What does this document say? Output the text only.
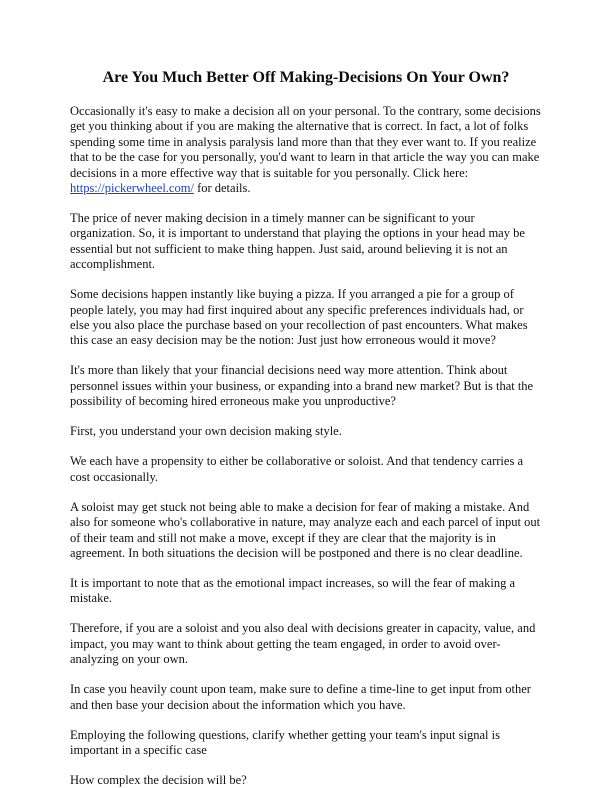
Are You Much Better Off Making-Decisions On Your Own?

Occasionally it's easy to make a decision all on your personal. To the contrary, some decisions get you thinking about if you are making the alternative that is correct. In fact, a lot of folks spending some time in analysis paralysis land more than that they ever want to. If you realize that to be the case for you personally, you'd want to learn in that article the way you can make decisions in a more effective way that is suitable for you personally. Click here: https://pickerwheel.com/ for details.

The price of never making decision in a timely manner can be significant to your organization. So, it is important to understand that playing the options in your head may be essential but not sufficient to make thing happen. Just said, around believing it is not an accomplishment.

Some decisions happen instantly like buying a pizza. If you arranged a pie for a group of people lately, you may had first inquired about any specific preferences individuals had, or else you also place the purchase based on your recollection of past encounters. What makes this case an easy decision may be the notion: Just just how erroneous would it move?

It's more than likely that your financial decisions need way more attention. Think about personnel issues within your business, or expanding into a brand new market? But is that the possibility of becoming hired erroneous make you unproductive?

First, you understand your own decision making style.

We each have a propensity to either be collaborative or soloist. And that tendency carries a cost occasionally.

A soloist may get stuck not being able to make a decision for fear of making a mistake. And also for someone who's collaborative in nature, may analyze each and each parcel of input out of their team and still not make a move, except if they are clear that the majority is in agreement. In both situations the decision will be postponed and there is no clear deadline.

It is important to note that as the emotional impact increases, so will the fear of making a mistake.

Therefore, if you are a soloist and you also deal with decisions greater in capacity, value, and impact, you may want to think about getting the team engaged, in order to avoid over-analyzing on your own.

In case you heavily count upon team, make sure to define a time-line to get input from other and then base your decision about the information which you have.

Employing the following questions, clarify whether getting your team's input signal is important in a specific case

How complex the decision will be?
